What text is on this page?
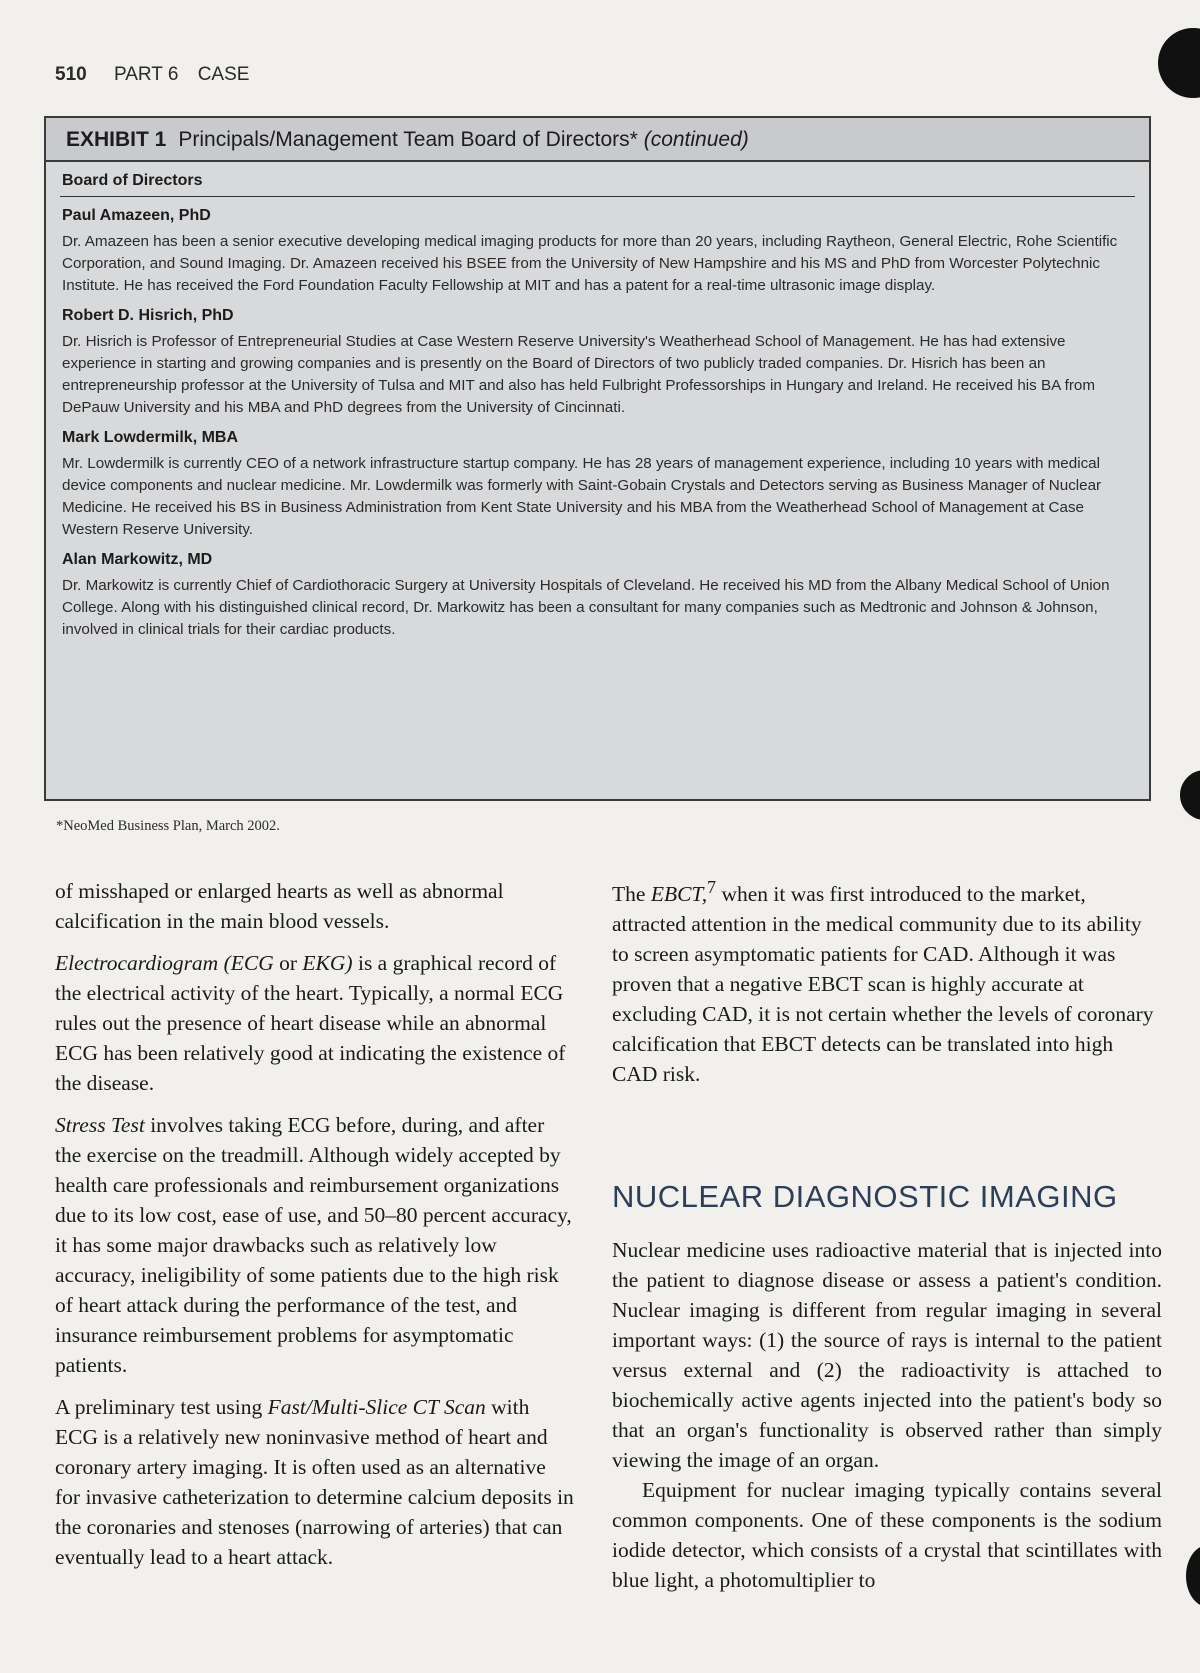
510 PART 6 CASE
EXHIBIT 1 Principals/Management Team Board of Directors* (continued)
Board of Directors
Paul Amazeen, PhD
Dr. Amazeen has been a senior executive developing medical imaging products for more than 20 years, including Raytheon, General Electric, Rohe Scientific Corporation, and Sound Imaging. Dr. Amazeen received his BSEE from the University of New Hampshire and his MS and PhD from Worcester Polytechnic Institute. He has received the Ford Foundation Faculty Fellowship at MIT and has a patent for a real-time ultrasonic image display.
Robert D. Hisrich, PhD
Dr. Hisrich is Professor of Entrepreneurial Studies at Case Western Reserve University's Weatherhead School of Management. He has had extensive experience in starting and growing companies and is presently on the Board of Directors of two publicly traded companies. Dr. Hisrich has been an entrepreneurship professor at the University of Tulsa and MIT and also has held Fulbright Professorships in Hungary and Ireland. He received his BA from DePauw University and his MBA and PhD degrees from the University of Cincinnati.
Mark Lowdermilk, MBA
Mr. Lowdermilk is currently CEO of a network infrastructure startup company. He has 28 years of management experience, including 10 years with medical device components and nuclear medicine. Mr. Lowdermilk was formerly with Saint-Gobain Crystals and Detectors serving as Business Manager of Nuclear Medicine. He received his BS in Business Administration from Kent State University and his MBA from the Weatherhead School of Management at Case Western Reserve University.
Alan Markowitz, MD
Dr. Markowitz is currently Chief of Cardiothoracic Surgery at University Hospitals of Cleveland. He received his MD from the Albany Medical School of Union College. Along with his distinguished clinical record, Dr. Markowitz has been a consultant for many companies such as Medtronic and Johnson & Johnson, involved in clinical trials for their cardiac products.
*NeoMed Business Plan, March 2002.

of misshaped or enlarged hearts as well as abnormal calcification in the main blood vessels.

Electrocardiogram (ECG or EKG) is a graphical record of the electrical activity of the heart. Typically, a normal ECG rules out the presence of heart disease while an abnormal ECG has been relatively good at indicating the existence of the disease.

Stress Test involves taking ECG before, during, and after the exercise on the treadmill. Although widely accepted by health care professionals and reimbursement organizations due to its low cost, ease of use, and 50–80 percent accuracy, it has some major drawbacks such as relatively low accuracy, ineligibility of some patients due to the high risk of heart attack during the performance of the test, and insurance reimbursement problems for asymptomatic patients.

A preliminary test using Fast/Multi-Slice CT Scan with ECG is a relatively new noninvasive method of heart and coronary artery imaging. It is often used as an alternative for invasive catheterization to determine calcium deposits in the coronaries and stenoses (narrowing of arteries) that can eventually lead to a heart attack.

The EBCT,$^7$ when it was first introduced to the market, attracted attention in the medical community due to its ability to screen asymptomatic patients for CAD. Although it was proven that a negative EBCT scan is highly accurate at excluding CAD, it is not certain whether the levels of coronary calcification that EBCT detects can be translated into high CAD risk.

NUCLEAR DIAGNOSTIC IMAGING

Nuclear medicine uses radioactive material that is injected into the patient to diagnose disease or assess a patient's condition. Nuclear imaging is different from regular imaging in several important ways: (1) the source of rays is internal to the patient versus external and (2) the radioactivity is attached to biochemically active agents injected into the patient's body so that an organ's functionality is observed rather than simply viewing the image of an organ.

Equipment for nuclear imaging typically contains several common components. One of these components is the sodium iodide detector, which consists of a crystal that scintillates with blue light, a photomultiplier to
